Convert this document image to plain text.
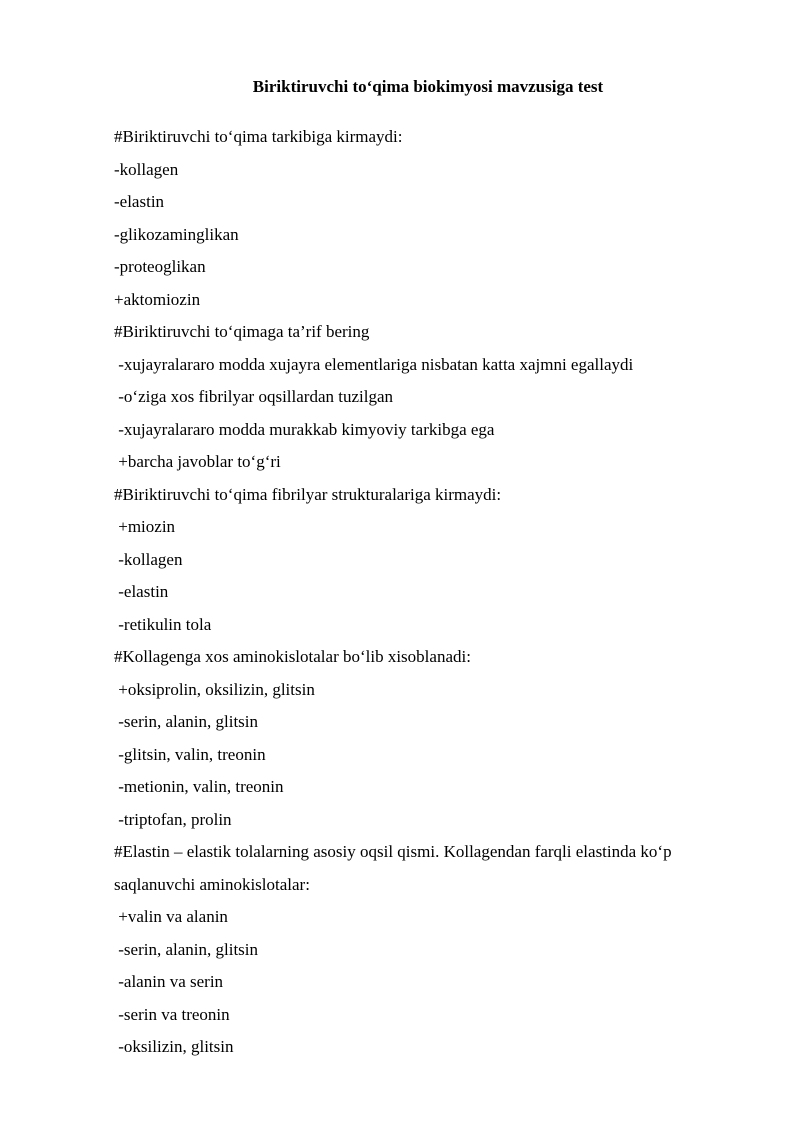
Biriktiruvchi to‘qima biokimyosi mavzusiga test

#Biriktiruvchi to‘qima tarkibiga kirmaydi:

-kollagen

-elastin

-glikozaminglikan

-proteoglikan

+aktomiozin

#Biriktiruvchi to‘qimaga ta’rif bering

-xujayralararo modda xujayra elementlariga nisbatan katta xajmni egallaydi

-o‘ziga xos fibrilyar oqsillardan tuzilgan

-xujayralararo modda murakkab kimyoviy tarkibga ega

+barcha javoblar to‘g‘ri

#Biriktiruvchi to‘qima fibrilyar strukturalariga kirmaydi:

+miozin

-kollagen

-elastin

-retikulin tola

#Kollagenga xos aminokislotalar bo‘lib xisoblanadi:

+oksiprolin, oksilizin, glitsin

-serin, alanin, glitsin

-glitsin, valin, treonin

-metionin, valin, treonin

-triptofan, prolin

#Elastin – elastik tolalarning asosiy oqsil qismi. Kollagendan farqli elastinda ko‘p

saqlanuvchi aminokislotalar:

+valin va alanin

-serin, alanin, glitsin

-alanin va serin

-serin va treonin

-oksilizin, glitsin
